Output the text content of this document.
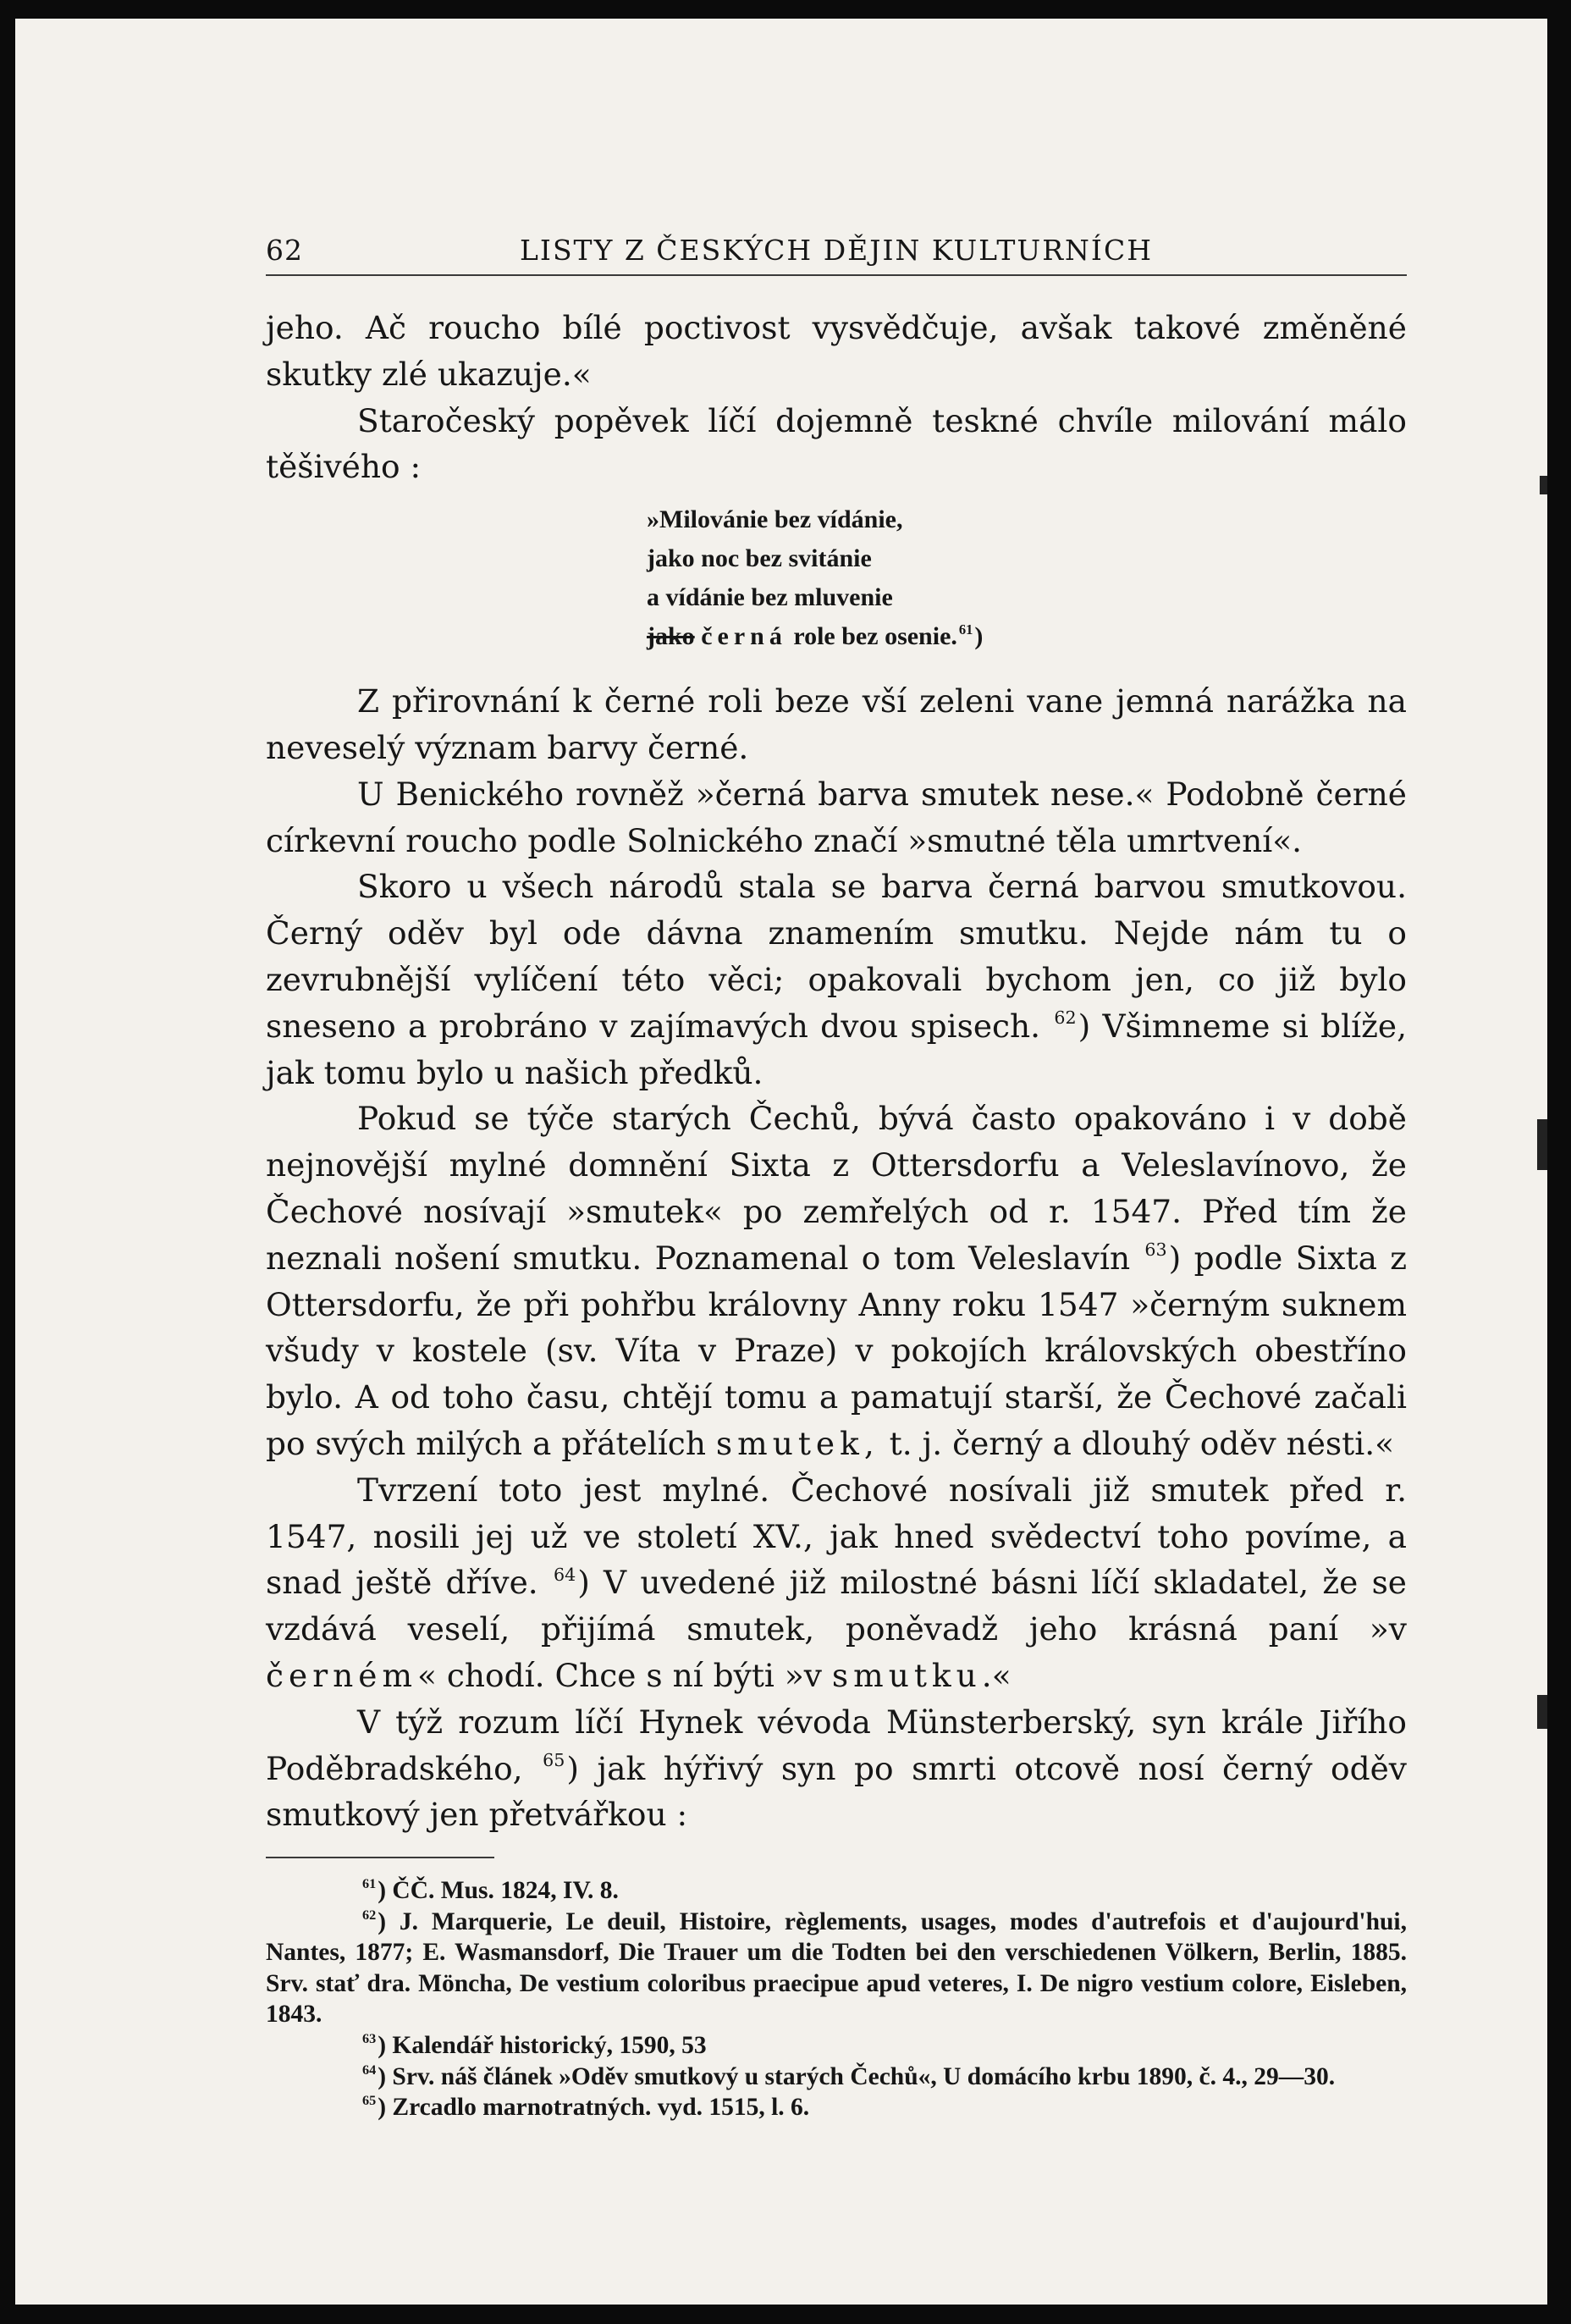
62	LISTY Z ČESKÝCH DĚJIN KULTURNÍCH

jeho. Ač roucho bílé poctivost vysvědčuje, avšak takové změněné skutky zlé ukazuje.«

Staročeský popěvek líčí dojemně teskné chvíle milování málo těšivého :

»Milovánie bez vídánie,
jako noc bez svitánie
a vídánie bez mluvenie
jako černá role bez osenie. $^{61}$)

Z přirovnání k černé roli beze vší zeleni vane jemná narážka na neveselý význam barvy černé.

U Benického rovněž »černá barva smutek nese.« Podobně černé církevní roucho podle Solnického značí »smutné těla umrtvení«.

Skoro u všech národů stala se barva černá barvou smutkovou. Černý oděv byl ode dávna znamením smutku. Nejde nám tu o zevrubnější vylíčení této věci; opakovali bychom jen, co již bylo sneseno a probráno v zajímavých dvou spisech. $^{62}$) Všimneme si blíže, jak tomu bylo u našich předků.

Pokud se týče starých Čechů, bývá často opakováno i v době nejnovější mylné domnění Sixta z Ottersdorfu a Veleslavínovo, že Čechové nosívají »smutek« po zemřelých od r. 1547. Před tím že neznali nošení smutku. Poznamenal o tom Veleslavín $^{63}$) podle Sixta z Ottersdorfu, že při pohřbu královny Anny roku 1547 »černým suknem všudy v kostele (sv. Víta v Praze) v pokojích královských obestříno bylo. A od toho času, chtějí tomu a pamatují starší, že Čechové začali po svých milých a přátelích smutek, t. j. černý a dlouhý oděv nésti.«

Tvrzení toto jest mylné. Čechové nosívali již smutek před r. 1547, nosili jej už ve století XV., jak hned svědectví toho povíme, a snad ještě dříve. $^{64}$) V uvedené již milostné básni líčí skladatel, že se vzdává veselí, přijímá smutek, poněvadž jeho krásná paní »v černém« chodí. Chce s ní býti »v smutku.«

V týž rozum líčí Hynek vévoda Münsterberský, syn krále Jiřího Poděbradského, $^{65}$) jak hýřivý syn po smrti otcově nosí černý oděv smutkový jen přetvářkou :

$^{61}$) ČČ. Mus. 1824, IV. 8.

$^{62}$) J. Marquerie, Le deuil, Histoire, règlements, usages, modes d'autrefois et d'aujourd'hui, Nantes, 1877; E. Wasmansdorf, Die Trauer um die Todten bei den verschiedenen Völkern, Berlin, 1885. Srv. stať dra. Möncha, De vestium coloribus praecipue apud veteres, I. De nigro vestium colore, Eisleben, 1843.

$^{63}$) Kalendář historický, 1590, 53

$^{64}$) Srv. náš článek »Oděv smutkový u starých Čechů«, U domácího krbu 1890, č. 4., 29—30.

$^{65}$) Zrcadlo marnotratných. vyd. 1515, l. 6.
